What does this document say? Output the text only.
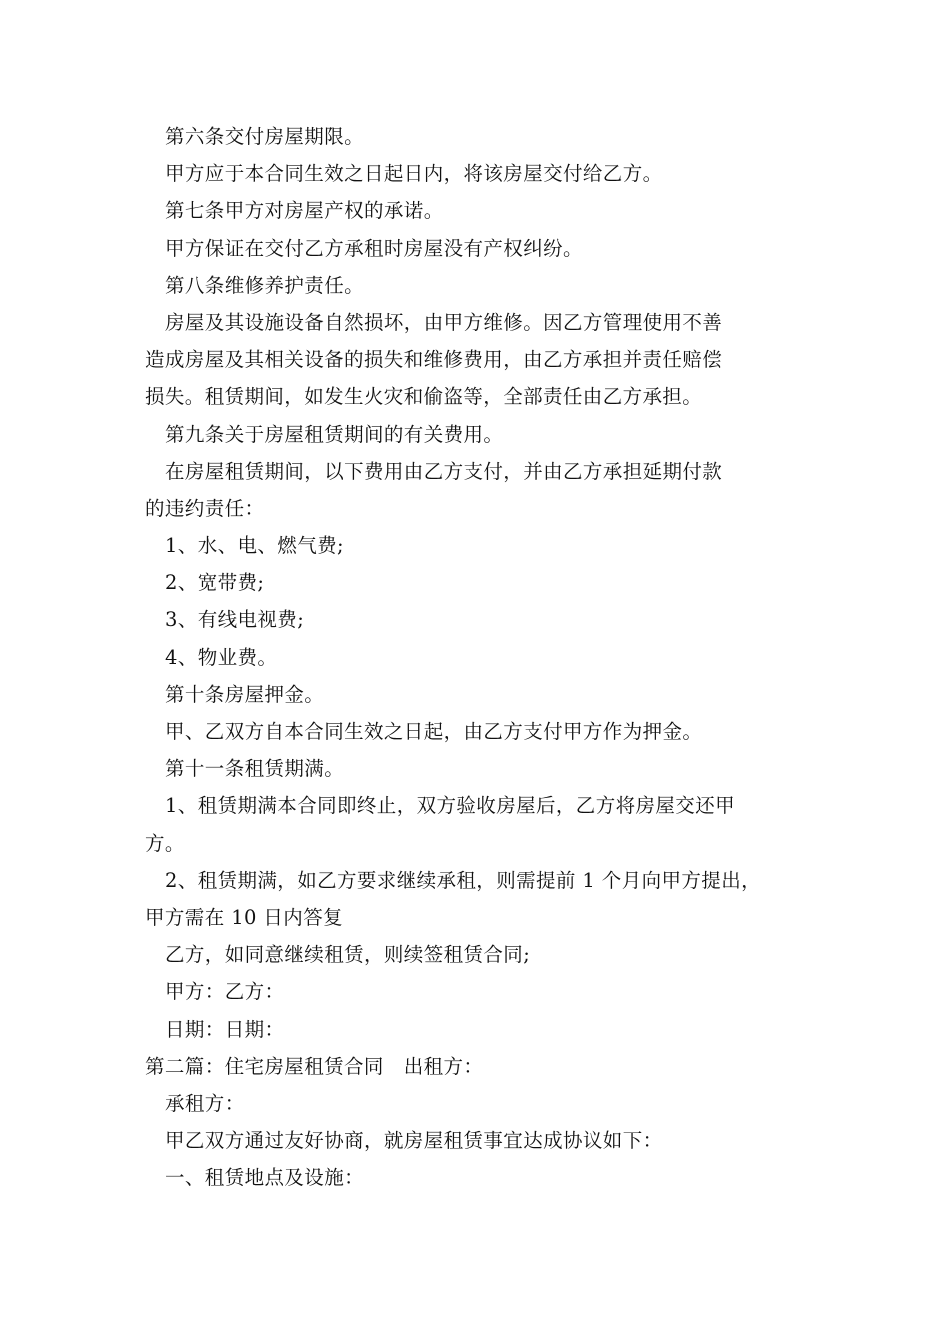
第六条交付房屋期限。
甲方应于本合同生效之日起日内，将该房屋交付给乙方。
第七条甲方对房屋产权的承诺。
甲方保证在交付乙方承租时房屋没有产权纠纷。
第八条维修养护责任。
房屋及其设施设备自然损坏，由甲方维修。因乙方管理使用不善
造成房屋及其相关设备的损失和维修费用，由乙方承担并责任赔偿
损失。租赁期间，如发生火灾和偷盗等，全部责任由乙方承担。
第九条关于房屋租赁期间的有关费用。
在房屋租赁期间，以下费用由乙方支付，并由乙方承担延期付款
的违约责任：
1、水、电、燃气费;
2、宽带费;
3、有线电视费;
4、物业费。
第十条房屋押金。
甲、乙双方自本合同生效之日起，由乙方支付甲方作为押金。
第十一条租赁期满。
1、租赁期满本合同即终止，双方验收房屋后，乙方将房屋交还甲
方。
2、租赁期满，如乙方要求继续承租，则需提前 1 个月向甲方提出，
甲方需在 10 日内答复
乙方，如同意继续租赁，则续签租赁合同;
甲方：乙方：
日期：日期：
第二篇：住宅房屋租赁合同　出租方：
承租方：
甲乙双方通过友好协商，就房屋租赁事宜达成协议如下：
一、租赁地点及设施：
